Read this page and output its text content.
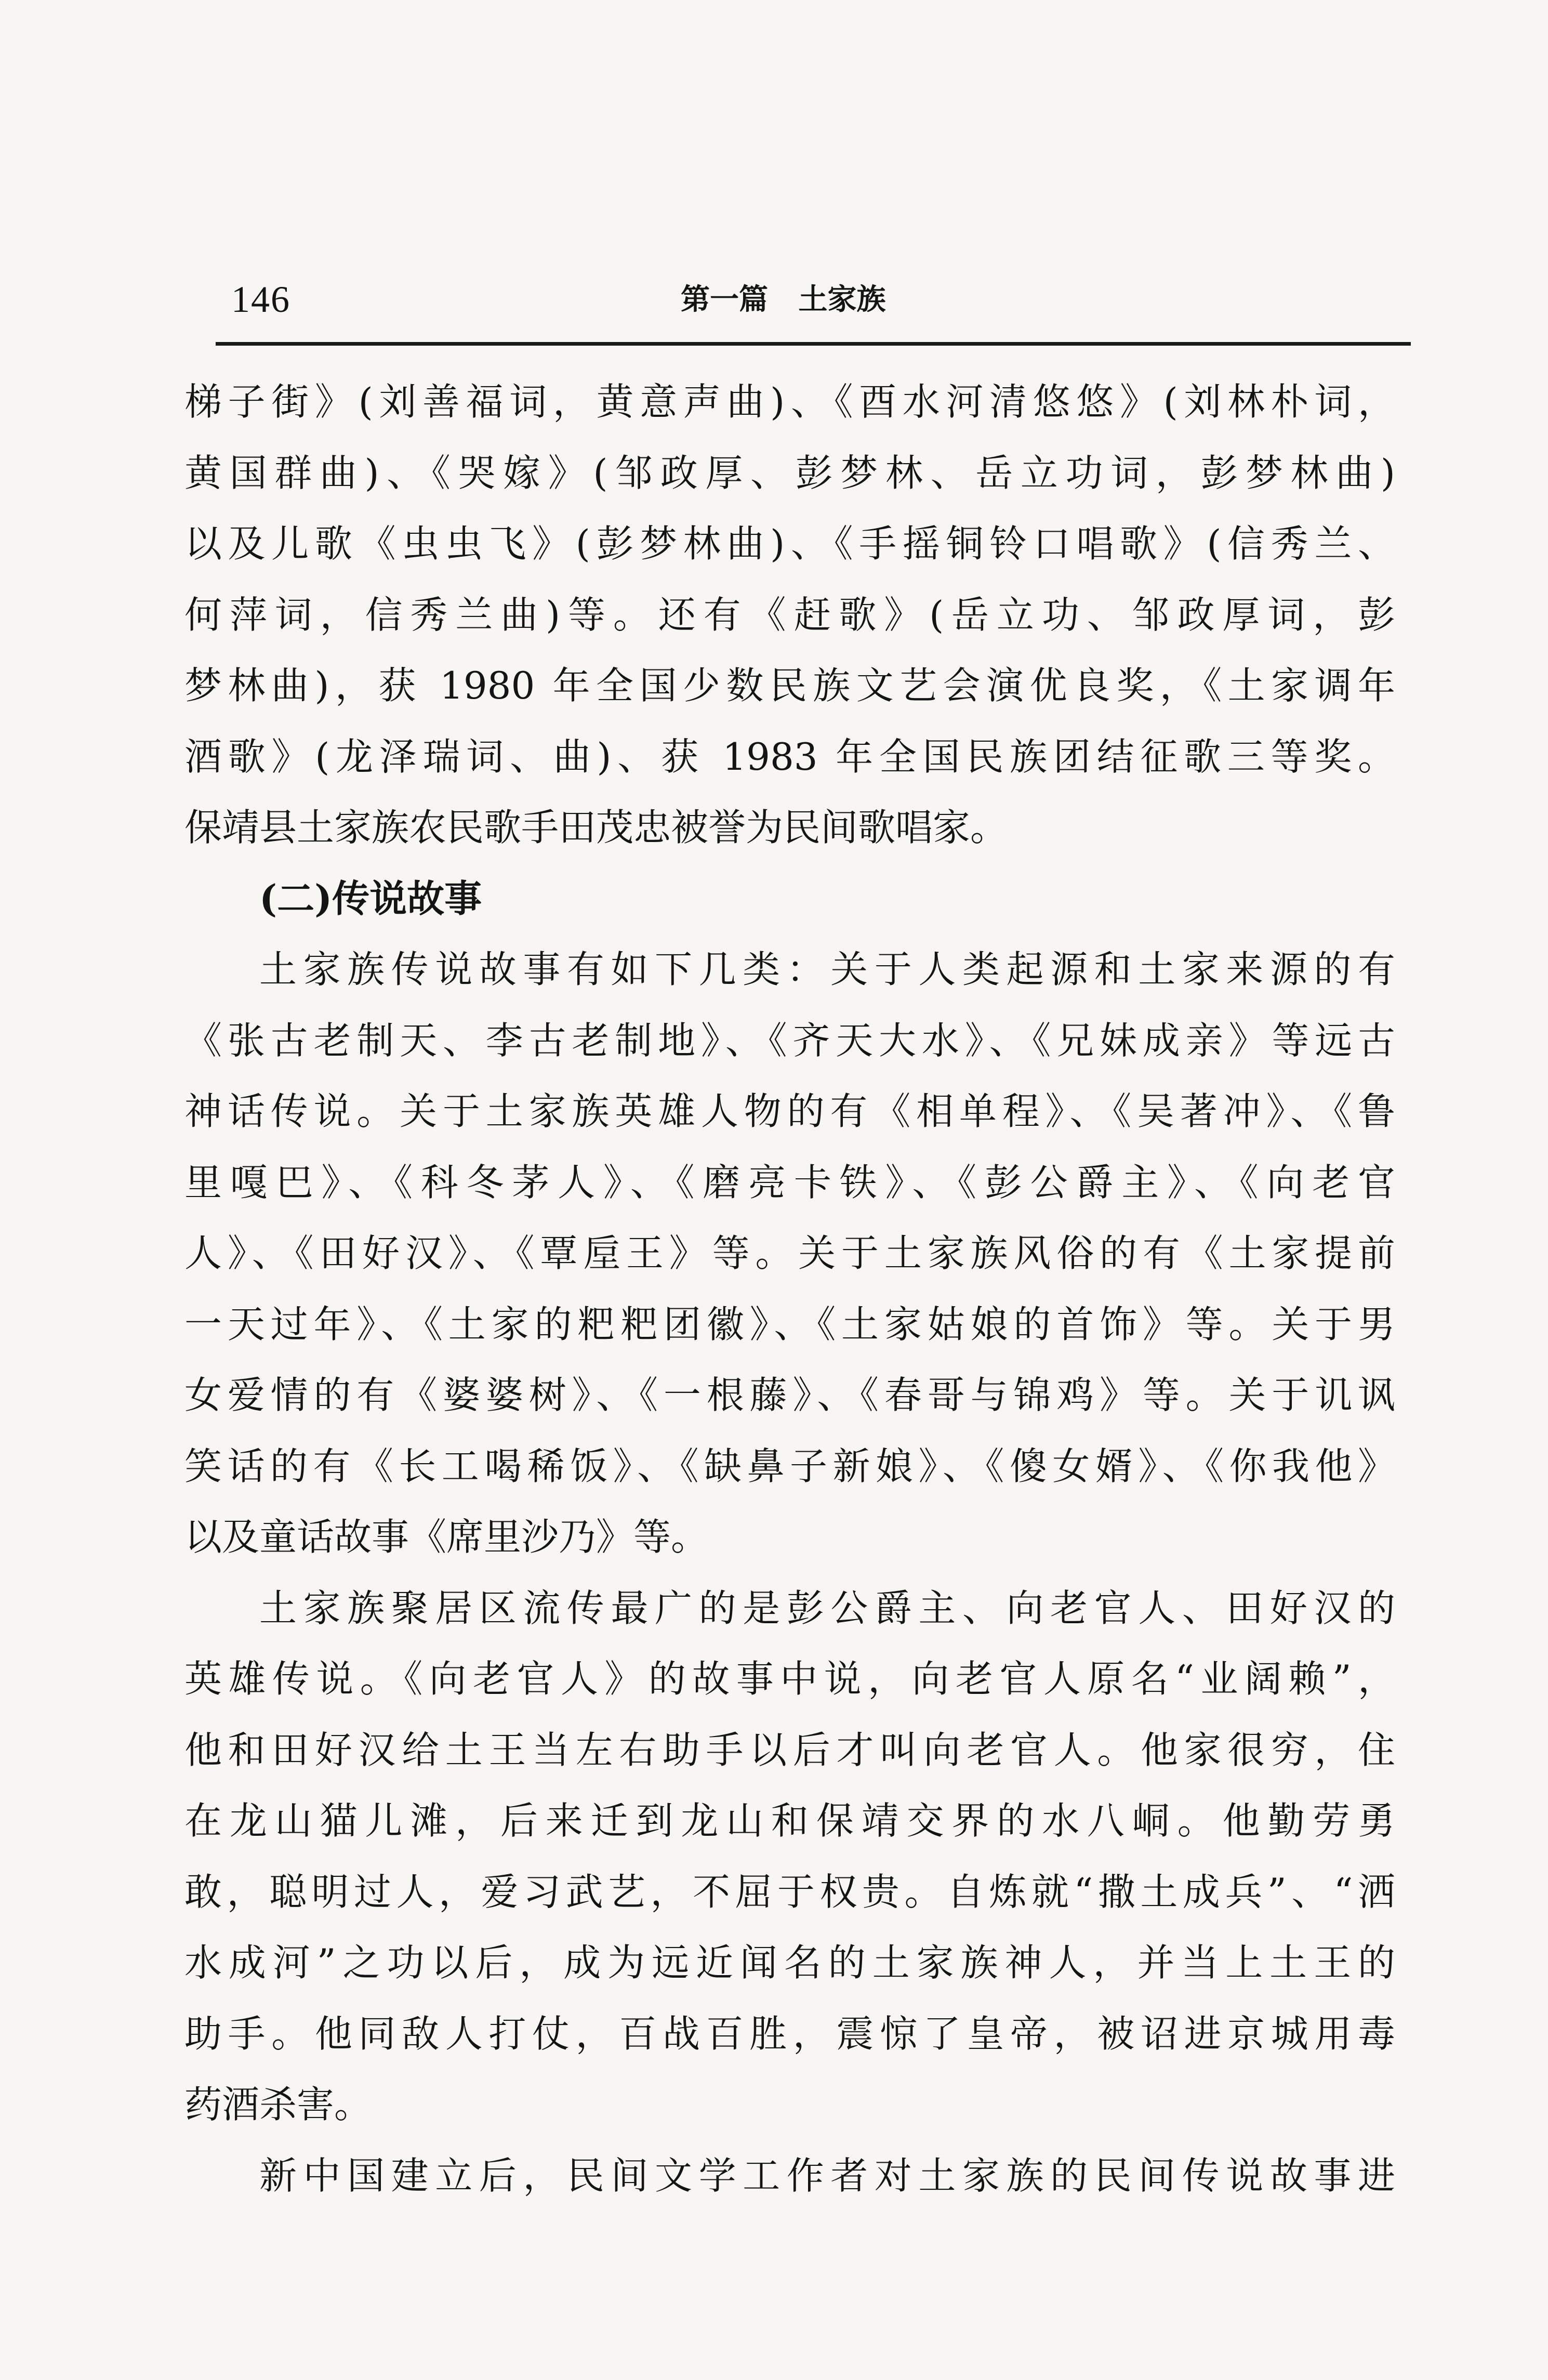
146	第一篇   土家族
梯子街》(刘善福词，黄意声曲)、《酉水河清悠悠》(刘林朴词，
黄国群曲)、《哭嫁》(邹政厚、彭梦林、岳立功词，彭梦林曲)
以及儿歌《虫虫飞》(彭梦林曲)、《手摇铜铃口唱歌》(信秀兰、
何萍词，信秀兰曲)等。还有《赶歌》(岳立功、邹政厚词，彭
梦林曲)，获 1980 年全国少数民族文艺会演优良奖，《土家调年
酒歌》(龙泽瑞词、曲)、获 1983 年全国民族团结征歌三等奖。
保靖县土家族农民歌手田茂忠被誉为民间歌唱家。
(二)传说故事
土家族传说故事有如下几类：关于人类起源和土家来源的有
《张古老制天、李古老制地》、《齐天大水》、《兄妹成亲》等远古
神话传说。关于土家族英雄人物的有《相单程》、《吴著冲》、《鲁
里嘎巴》、《科冬茅人》、《磨亮卡铁》、《彭公爵主》、《向老官
人》、《田好汉》、《覃垕王》等。关于土家族风俗的有《土家提前
一天过年》、《土家的粑粑团徽》、《土家姑娘的首饰》等。关于男
女爱情的有《婆婆树》、《一根藤》、《春哥与锦鸡》等。关于讥讽
笑话的有《长工喝稀饭》、《缺鼻子新娘》、《傻女婿》、《你我他》
以及童话故事《席里沙乃》等。
土家族聚居区流传最广的是彭公爵主、向老官人、田好汉的
英雄传说。《向老官人》的故事中说，向老官人原名“业阔赖”，
他和田好汉给土王当左右助手以后才叫向老官人。他家很穷，住
在龙山猫儿滩，后来迁到龙山和保靖交界的水八峒。他勤劳勇
敢，聪明过人，爱习武艺，不屈于权贵。自炼就“撒土成兵”、“洒
水成河”之功以后，成为远近闻名的土家族神人，并当上土王的
助手。他同敌人打仗，百战百胜，震惊了皇帝，被诏进京城用毒
药酒杀害。
新中国建立后，民间文学工作者对土家族的民间传说故事进
